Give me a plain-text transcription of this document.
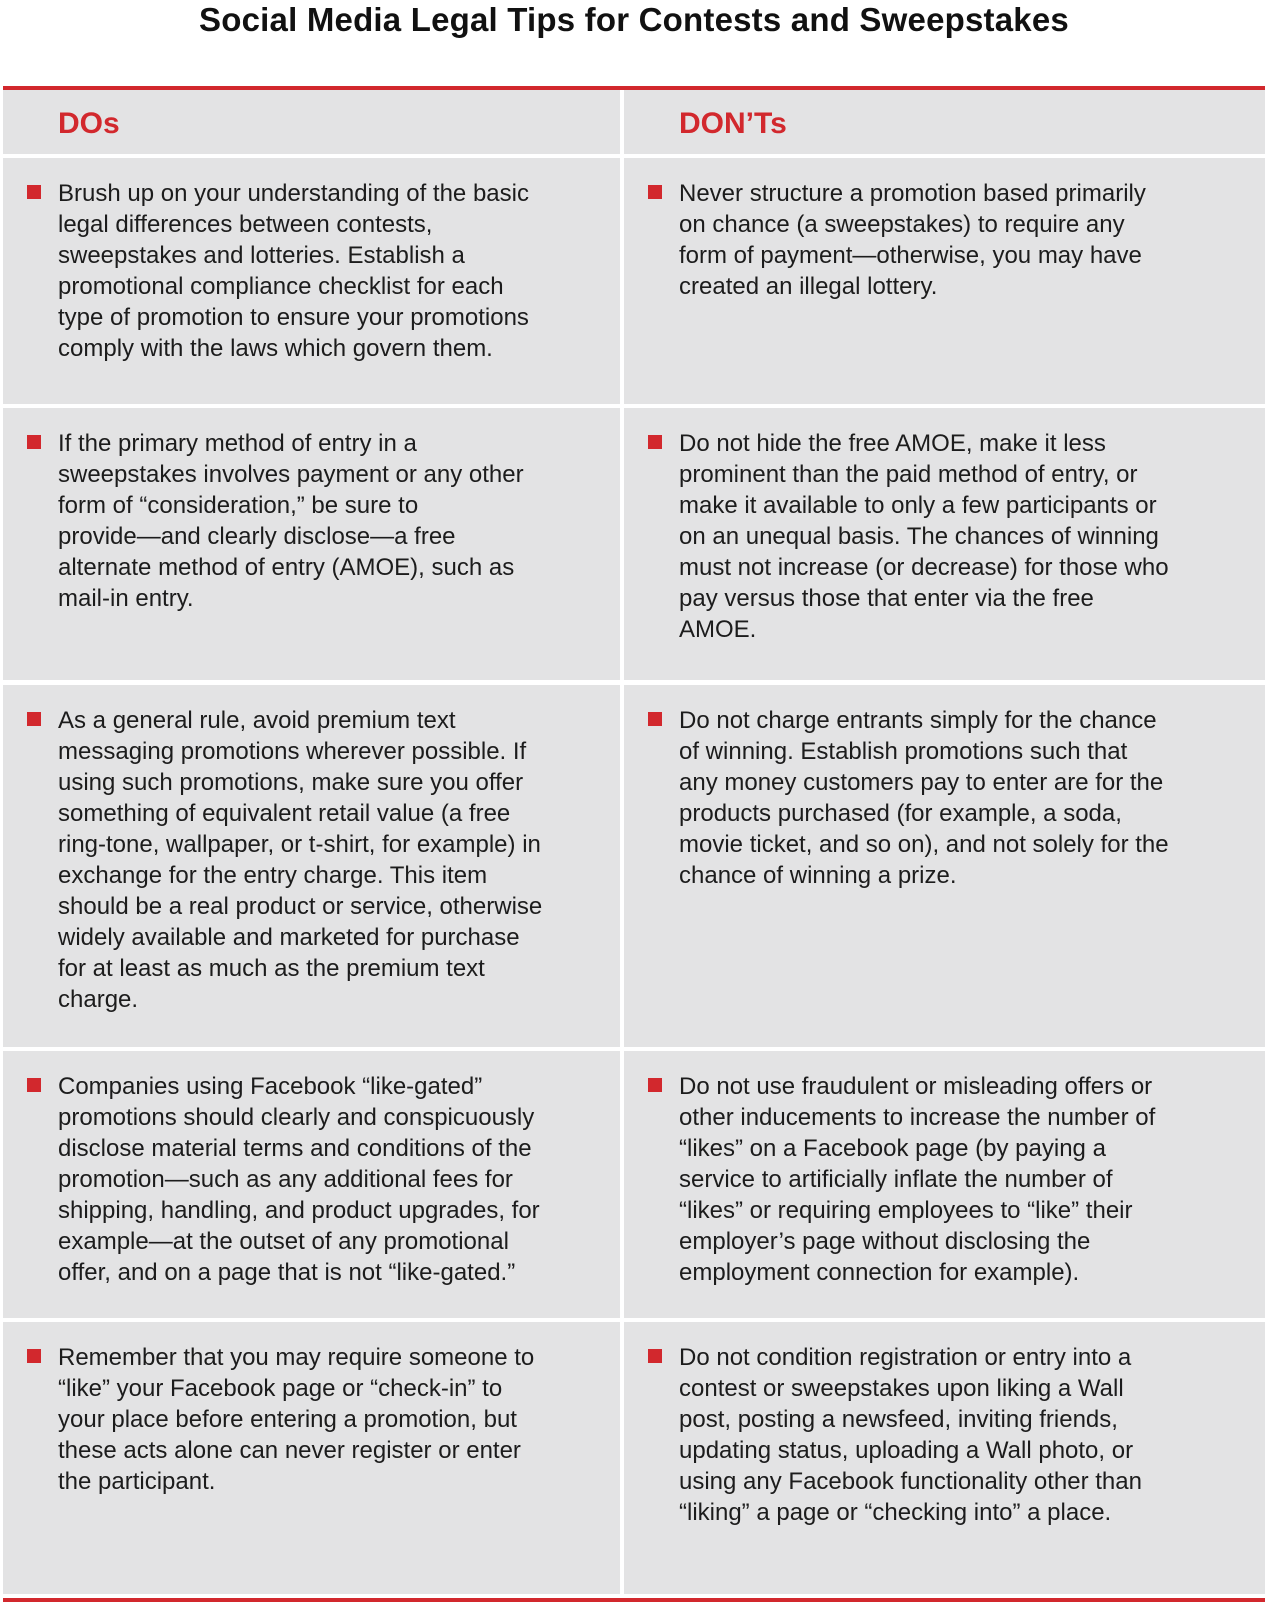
Social Media Legal Tips for Contests and Sweepstakes
DOs	DON’Ts
Brush up on your understanding of the basic
legal differences between contests,
sweepstakes and lotteries. Establish a
promotional compliance checklist for each
type of promotion to ensure your promotions
comply with the laws which govern them.
Never structure a promotion based primarily
on chance (a sweepstakes) to require any
form of payment—otherwise, you may have
created an illegal lottery.
If the primary method of entry in a
sweepstakes involves payment or any other
form of “consideration,” be sure to
provide—and clearly disclose—a free
alternate method of entry (AMOE), such as
mail-in entry.
Do not hide the free AMOE, make it less
prominent than the paid method of entry, or
make it available to only a few participants or
on an unequal basis. The chances of winning
must not increase (or decrease) for those who
pay versus those that enter via the free
AMOE.
As a general rule, avoid premium text
messaging promotions wherever possible. If
using such promotions, make sure you offer
something of equivalent retail value (a free
ring-tone, wallpaper, or t-shirt, for example) in
exchange for the entry charge. This item
should be a real product or service, otherwise
widely available and marketed for purchase
for at least as much as the premium text
charge.
Do not charge entrants simply for the chance
of winning. Establish promotions such that
any money customers pay to enter are for the
products purchased (for example, a soda,
movie ticket, and so on), and not solely for the
chance of winning a prize.
Companies using Facebook “like-gated”
promotions should clearly and conspicuously
disclose material terms and conditions of the
promotion—such as any additional fees for
shipping, handling, and product upgrades, for
example—at the outset of any promotional
offer, and on a page that is not “like-gated.”
Do not use fraudulent or misleading offers or
other inducements to increase the number of
“likes” on a Facebook page (by paying a
service to artificially inflate the number of
“likes” or requiring employees to “like” their
employer’s page without disclosing the
employment connection for example).
Remember that you may require someone to
“like” your Facebook page or “check-in” to
your place before entering a promotion, but
these acts alone can never register or enter
the participant.
Do not condition registration or entry into a
contest or sweepstakes upon liking a Wall
post, posting a newsfeed, inviting friends,
updating status, uploading a Wall photo, or
using any Facebook functionality other than
“liking” a page or “checking into” a place.
